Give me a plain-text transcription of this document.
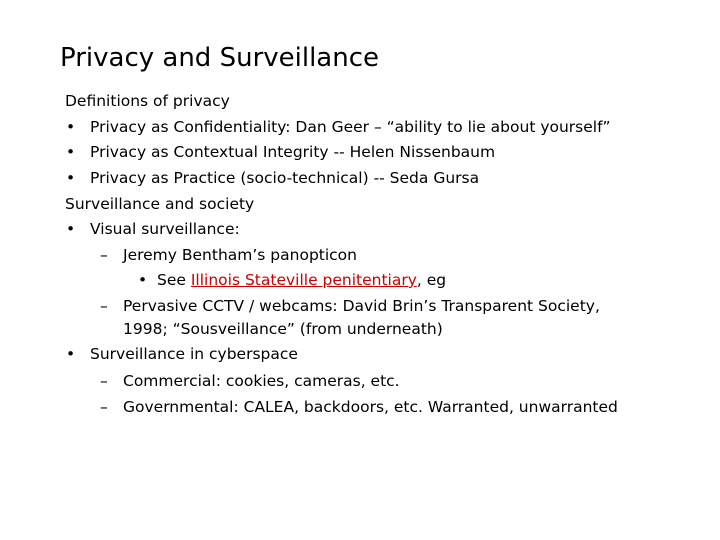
Privacy and Surveillance
Definitions of privacy
• Privacy as Confidentiality: Dan Geer – “ability to lie about yourself”
• Privacy as Contextual Integrity -- Helen Nissenbaum
• Privacy as Practice (socio-technical) -- Seda Gursa
Surveillance and society
• Visual surveillance:
– Jeremy Bentham’s panopticon
• See Illinois Stateville penitentiary, eg
– Pervasive CCTV / webcams: David Brin’s Transparent Society,
1998; “Sousveillance” (from underneath)
• Surveillance in cyberspace
– Commercial: cookies, cameras, etc.
– Governmental: CALEA, backdoors, etc. Warranted, unwarranted
